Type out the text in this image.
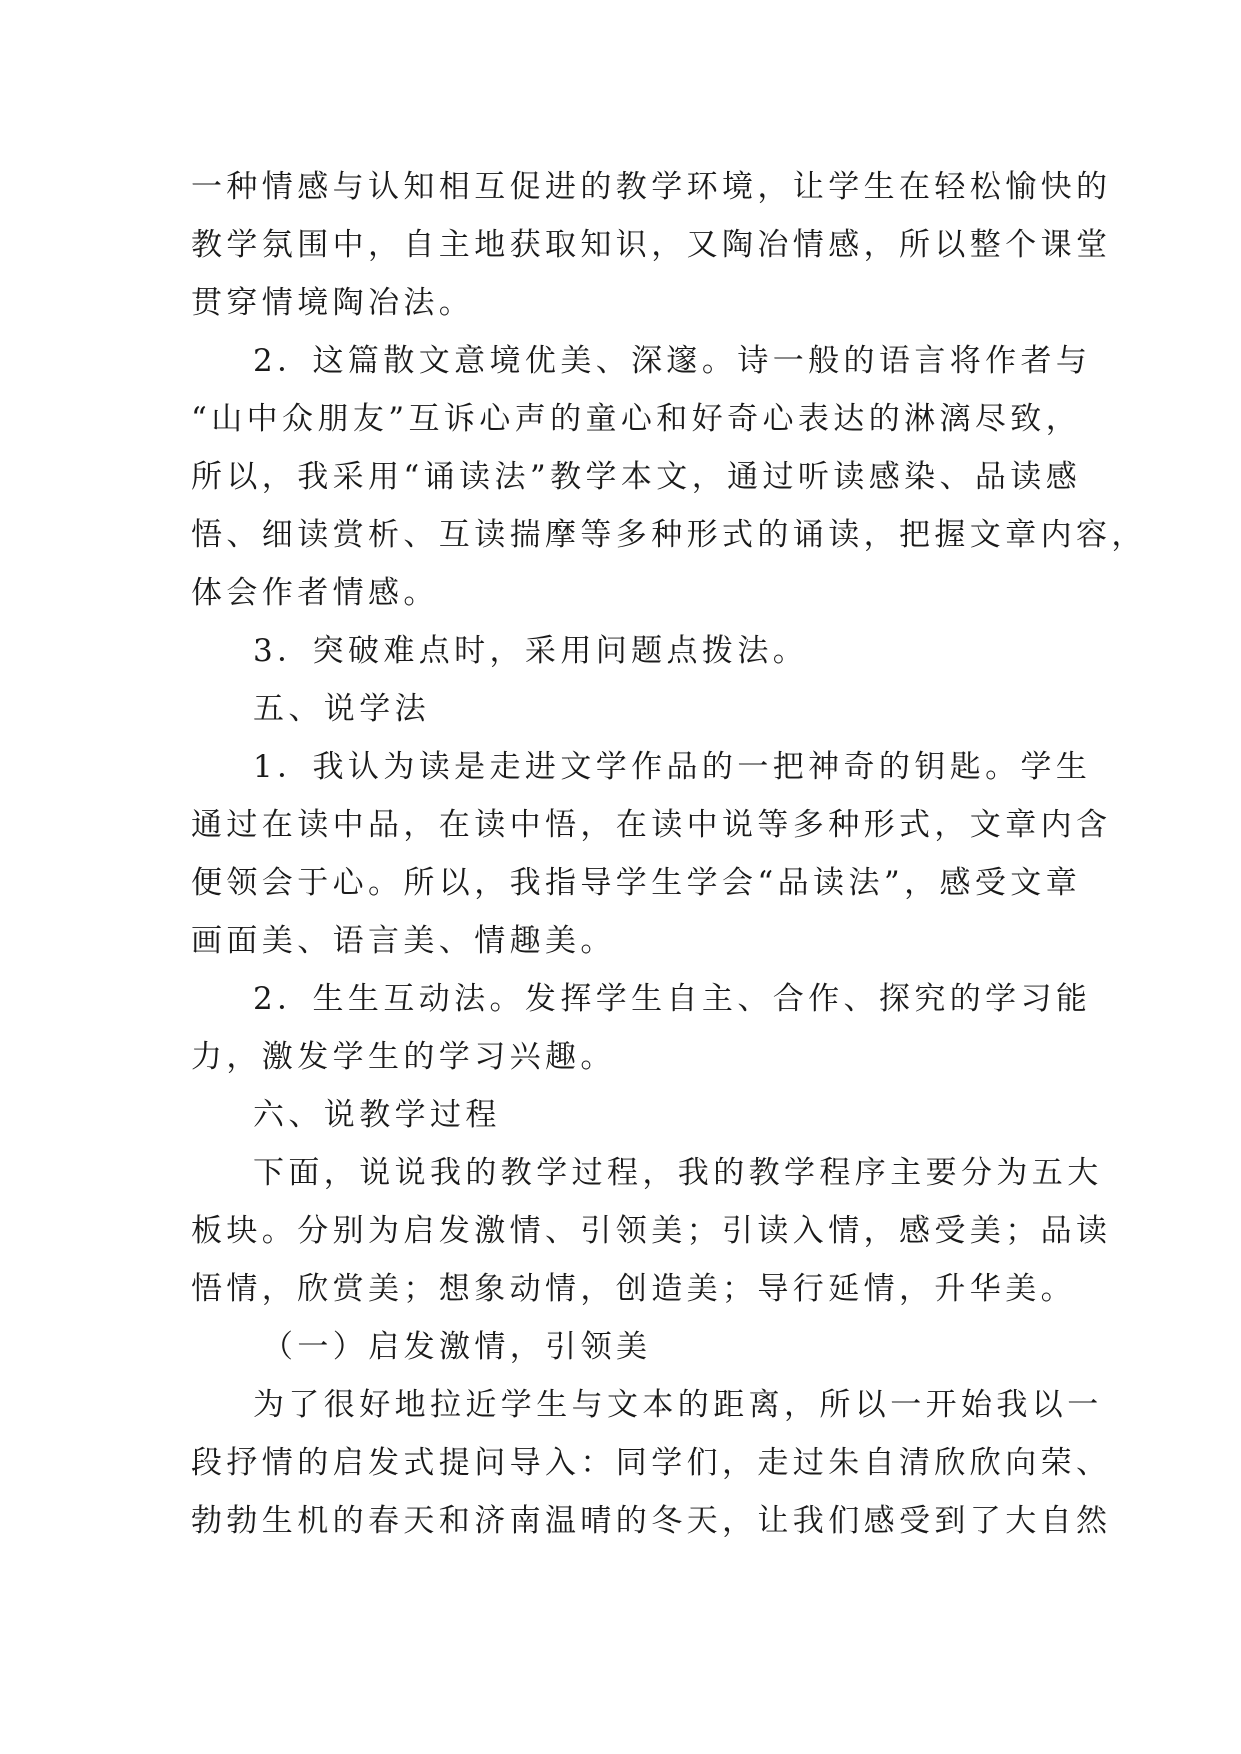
一种情感与认知相互促进的教学环境，让学生在轻松愉快的
教学氛围中，自主地获取知识，又陶冶情感，所以整个课堂
贯穿情境陶冶法。
2．这篇散文意境优美、深邃。诗一般的语言将作者与
“山中众朋友”互诉心声的童心和好奇心表达的淋漓尽致，
所以，我采用“诵读法”教学本文，通过听读感染、品读感
悟、细读赏析、互读揣摩等多种形式的诵读，把握文章内容，
体会作者情感。
3．突破难点时，采用问题点拨法。
五、说学法
1．我认为读是走进文学作品的一把神奇的钥匙。学生
通过在读中品，在读中悟，在读中说等多种形式，文章内含
便领会于心。所以，我指导学生学会“品读法”，感受文章
画面美、语言美、情趣美。
2．生生互动法。发挥学生自主、合作、探究的学习能
力，激发学生的学习兴趣。
六、说教学过程
下面，说说我的教学过程，我的教学程序主要分为五大
板块。分别为启发激情、引领美；引读入情，感受美；品读
悟情，欣赏美；想象动情，创造美；导行延情，升华美。
（一）启发激情，引领美
为了很好地拉近学生与文本的距离，所以一开始我以一
段抒情的启发式提问导入：同学们，走过朱自清欣欣向荣、
勃勃生机的春天和济南温晴的冬天，让我们感受到了大自然
